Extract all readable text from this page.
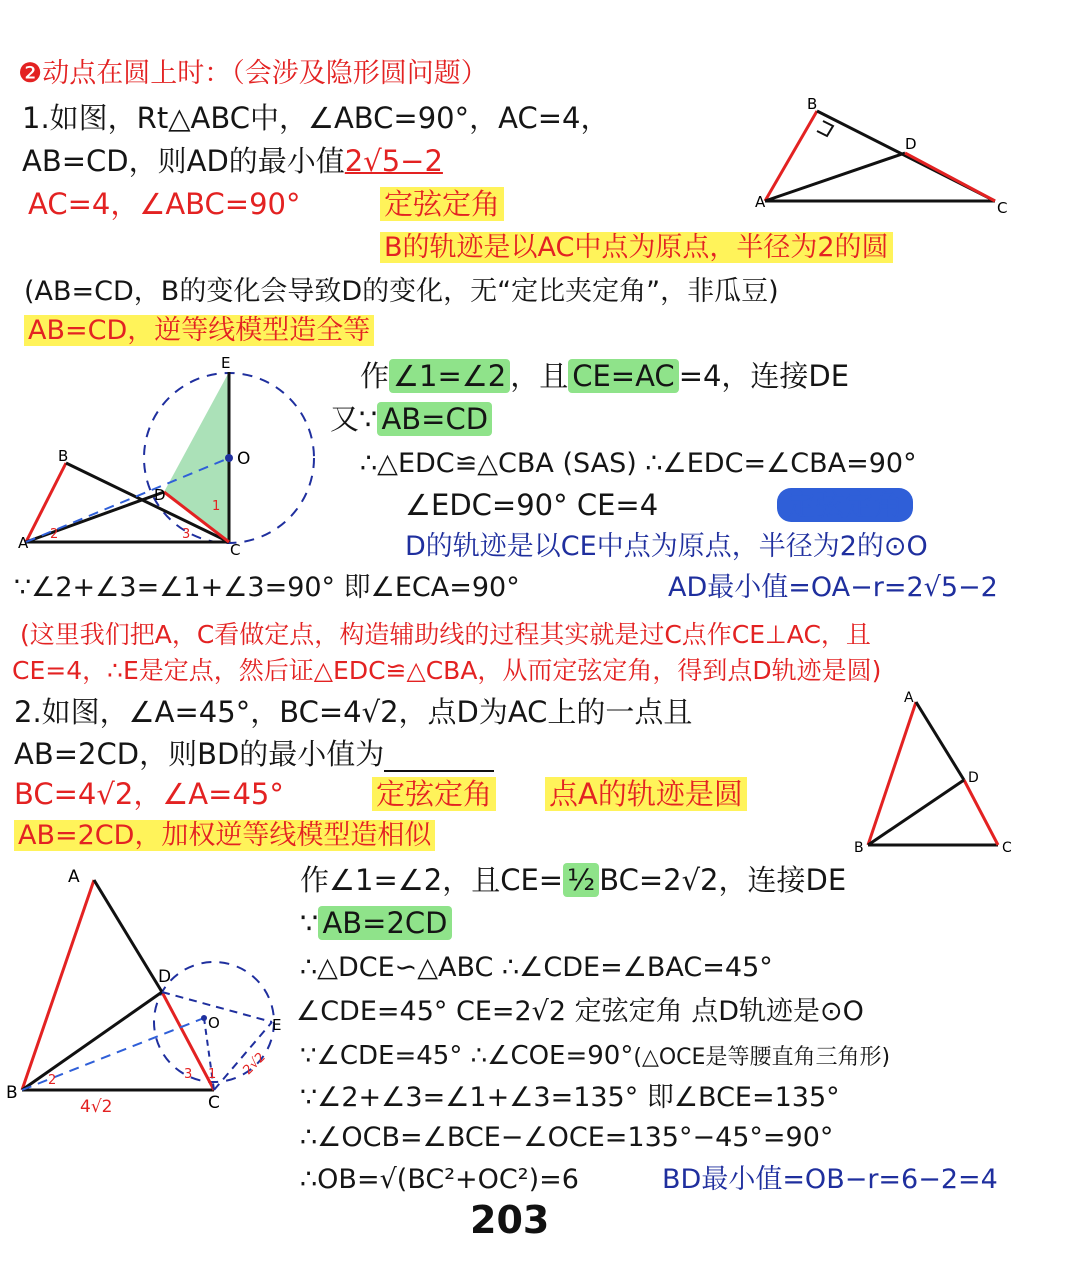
❷动点在圆上时：（会涉及隐形圆问题）
1.如图，Rt△ABC中，∠ABC=90°，AC=4，
AB=CD，则AD的最小值2√5−2
AC=4，∠ABC=90°	定弦定角
B的轨迹是以AC中点为原点，半径为2的圆
(AB=CD，B的变化会导致D的变化，无“定比夹定角”，非瓜豆)
AB=CD，逆等线模型造全等
作 ∠1=∠2 ，且 CE=AC =4，连接DE
又∵ AB=CD
∴△EDC≌△CBA (SAS) ∴∠EDC=∠CBA=90°
∠EDC=90° CE=4	定弦定角
D的轨迹是以CE中点为原点，半径为2的⊙O
∵∠2+∠3=∠1+∠3=90° 即∠ECA=90°	AD最小值=OA−r=2√5−2
(这里我们把A，C看做定点，构造辅助线的过程其实就是过C点作CE⊥AC，且
CE=4，∴E是定点，然后证△EDC≌△CBA，从而定弦定角，得到点D轨迹是圆)
2.如图，∠A=45°，BC=4√2，点D为AC上的一点且
AB=2CD，则BD的最小值为
BC=4√2，∠A=45°	定弦定角 点A的轨迹是圆
AB=2CD，加权逆等线模型造相似
作∠1=∠2，且CE= ½ BC=2√2，连接DE
∵ AB=2CD
∴△DCE∽△ABC ∴∠CDE=∠BAC=45°
∠CDE=45° CE=2√2 定弦定角 点D轨迹是⊙O
∵∠CDE=45° ∴∠COE=90°(△OCE是等腰直角三角形)
∵∠2+∠3=∠1+∠3=135° 即∠BCE=135°
∴∠OCB=∠BCE−∠OCE=135°−45°=90°
∴OB=√(BC²+OC²)=6	BD最小值=OB−r=6−2=4
203
A
B
C
D
A
B
C
D
E
O
1
2	3
A
B	C
D
A
B	C
D
E
O
1
2	3
4√2
2√2
